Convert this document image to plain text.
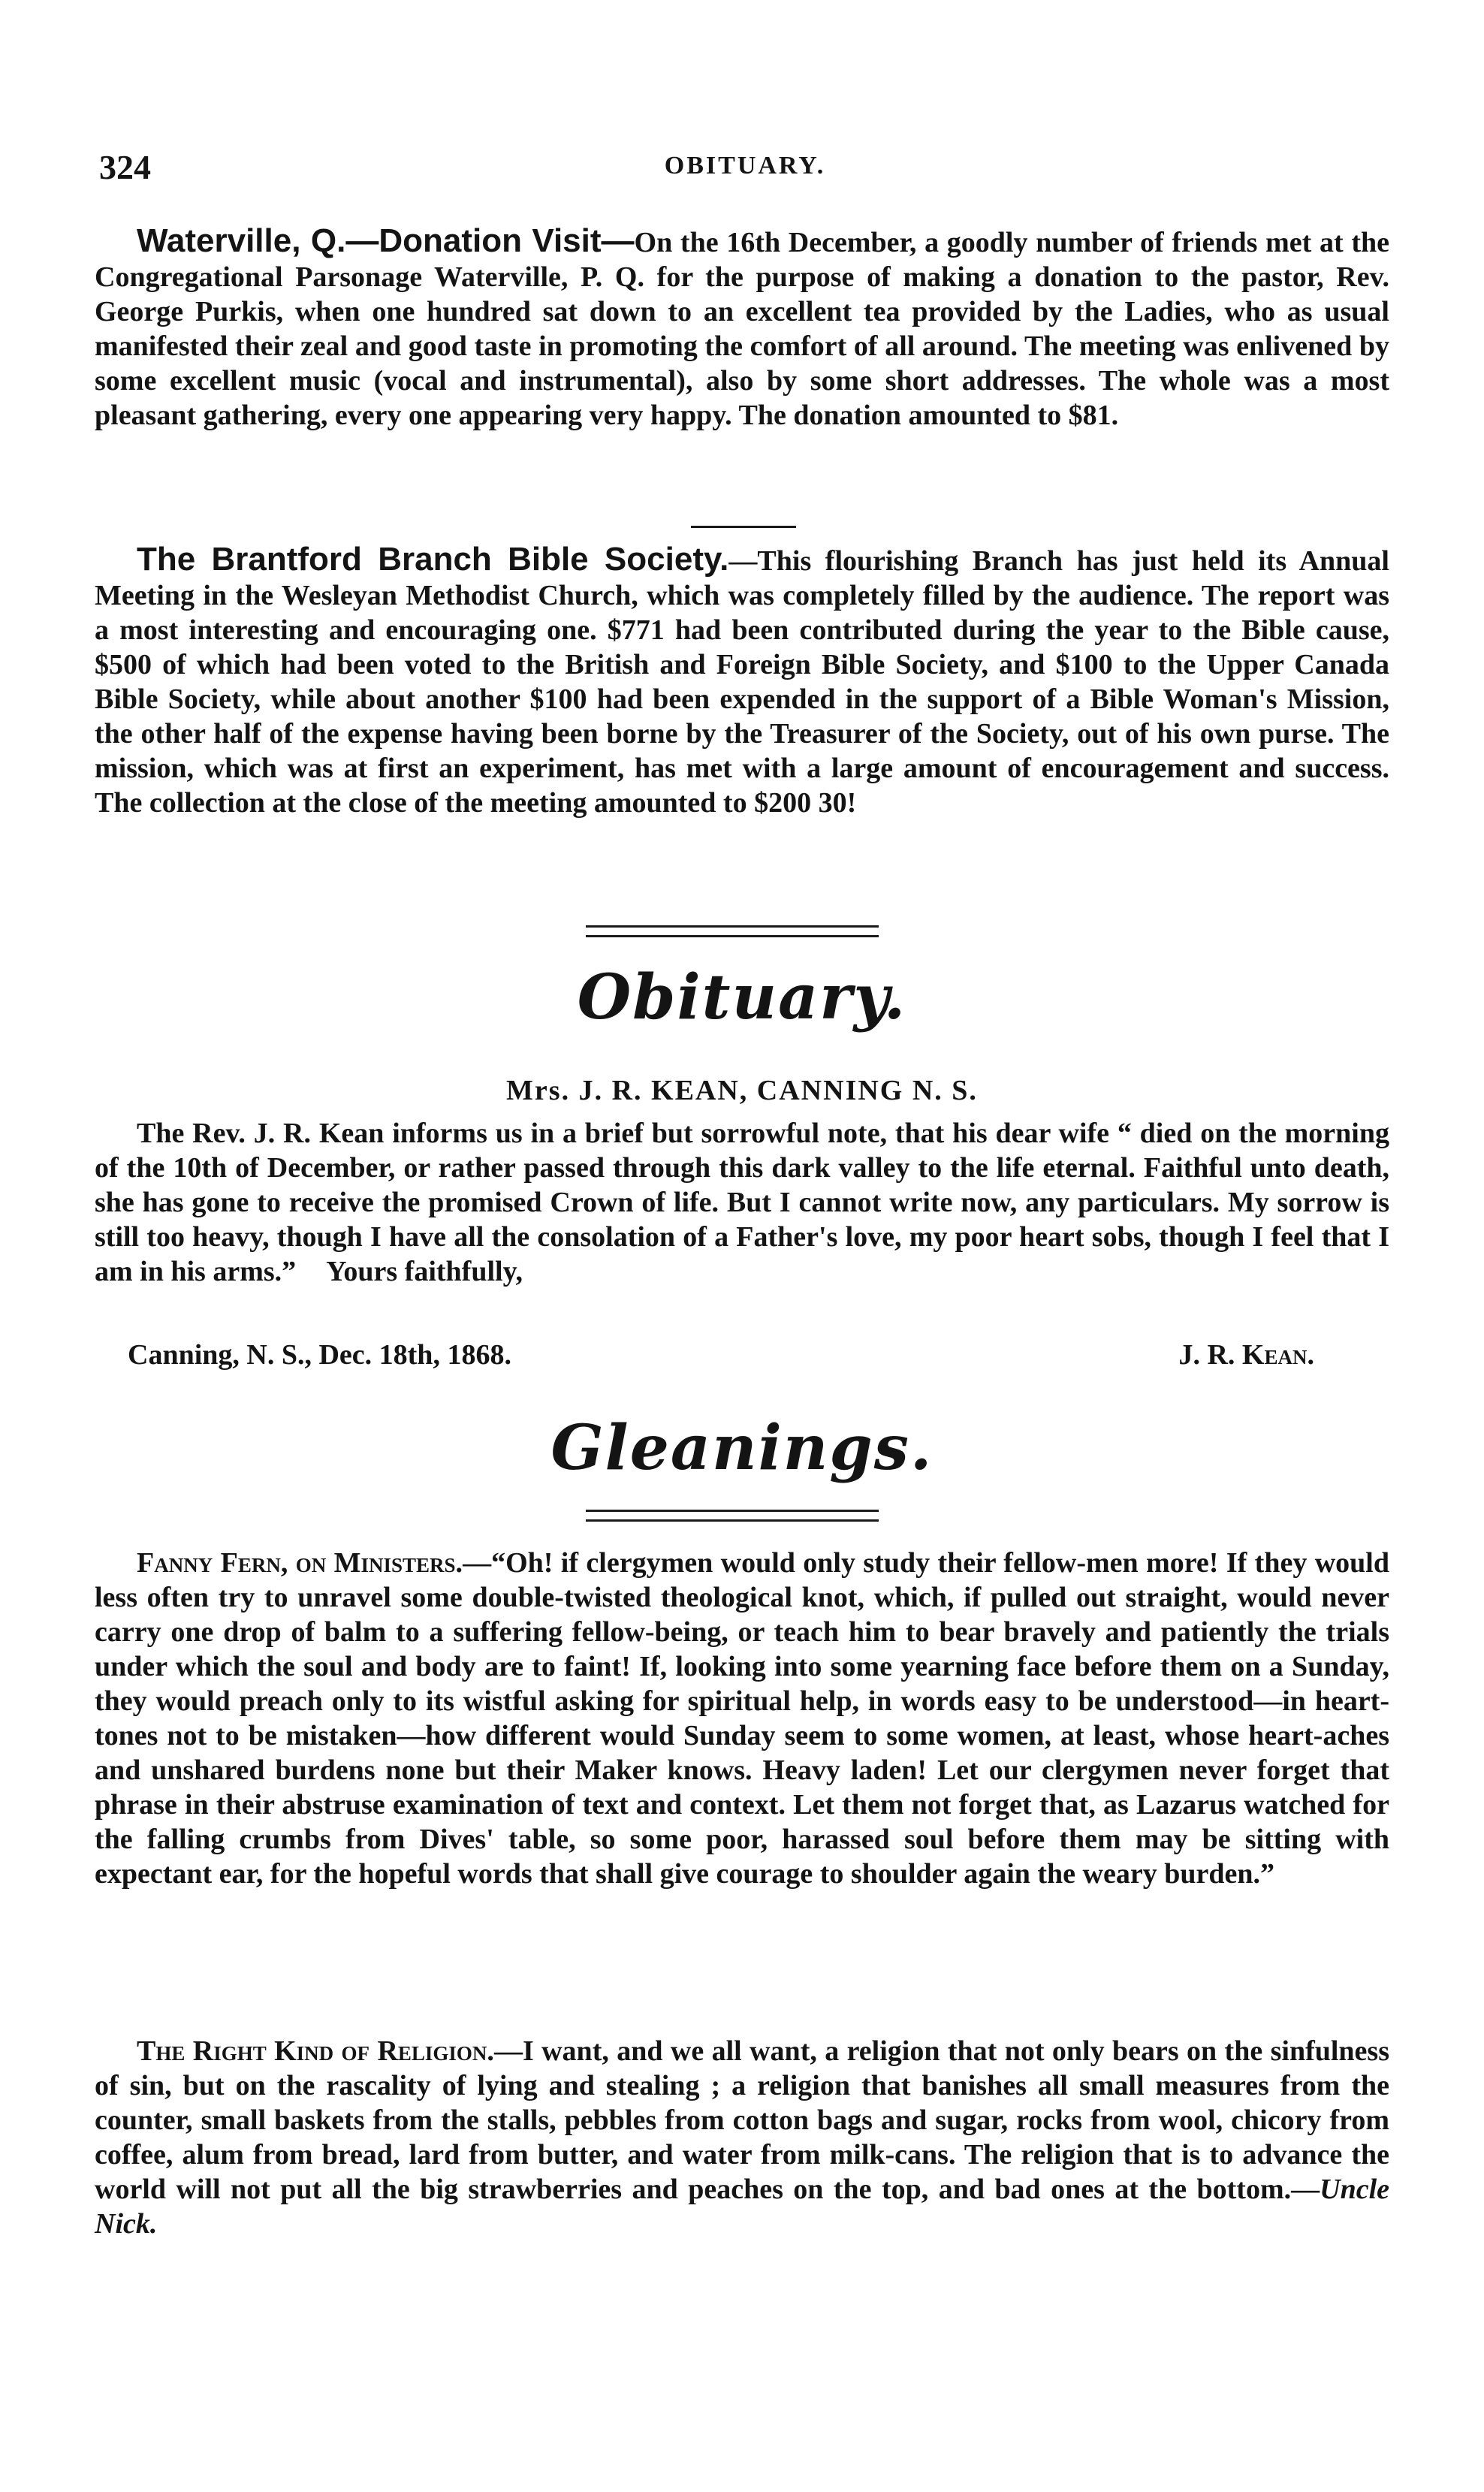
324	OBITUARY.

Waterville, Q.—Donation Visit—On the 16th December, a goodly number of friends met at the Congregational Parsonage Waterville, P. Q. for the purpose of making a donation to the pastor, Rev. George Purkis, when one hundred sat down to an excellent tea provided by the Ladies, who as usual manifested their zeal and good taste in promoting the comfort of all around. The meeting was enlivened by some excellent music (vocal and instrumental), also by some short addresses. The whole was a most pleasant gathering, every one appearing very happy. The donation amounted to $81.

The Brantford Branch Bible Society.—This flourishing Branch has just held its Annual Meeting in the Wesleyan Methodist Church, which was completely filled by the audience. The report was a most interesting and encouraging one. $771 had been contributed during the year to the Bible cause, $500 of which had been voted to the British and Foreign Bible Society, and $100 to the Upper Canada Bible Society, while about another $100 had been expended in the support of a Bible Woman's Mission, the other half of the expense having been borne by the Treasurer of the Society, out of his own purse. The mission, which was at first an experiment, has met with a large amount of encouragement and success. The collection at the close of the meeting amounted to $200 30!

Obituary.
Mrs. J. R. KEAN, CANNING N. S.

The Rev. J. R. Kean informs us in a brief but sorrowful note, that his dear wife “ died on the morning of the 10th of December, or rather passed through this dark valley to the life eternal. Faithful unto death, she has gone to receive the promised Crown of life. But I cannot write now, any particulars. My sorrow is still too heavy, though I have all the consolation of a Father's love, my poor heart sobs, though I feel that I am in his arms.” Yours faithfully,

Canning, N. S., Dec. 18th, 1868.	J. R. Kean.
Gleanings.

Fanny Fern, on Ministers.—“Oh! if clergymen would only study their fellow-men more! If they would less often try to unravel some double-twisted theological knot, which, if pulled out straight, would never carry one drop of balm to a suffering fellow-being, or teach him to bear bravely and patiently the trials under which the soul and body are to faint! If, looking into some yearning face before them on a Sunday, they would preach only to its wistful asking for spiritual help, in words easy to be understood—in heart-tones not to be mistaken—how different would Sunday seem to some women, at least, whose heart-aches and unshared burdens none but their Maker knows. Heavy laden! Let our clergymen never forget that phrase in their abstruse examination of text and context. Let them not forget that, as Lazarus watched for the falling crumbs from Dives' table, so some poor, harassed soul before them may be sitting with expectant ear, for the hopeful words that shall give courage to shoulder again the weary burden.”

The Right Kind of Religion.—I want, and we all want, a religion that not only bears on the sinfulness of sin, but on the rascality of lying and stealing ; a religion that banishes all small measures from the counter, small baskets from the stalls, pebbles from cotton bags and sugar, rocks from wool, chicory from coffee, alum from bread, lard from butter, and water from milk-cans. The religion that is to advance the world will not put all the big strawberries and peaches on the top, and bad ones at the bottom.—Uncle Nick.
